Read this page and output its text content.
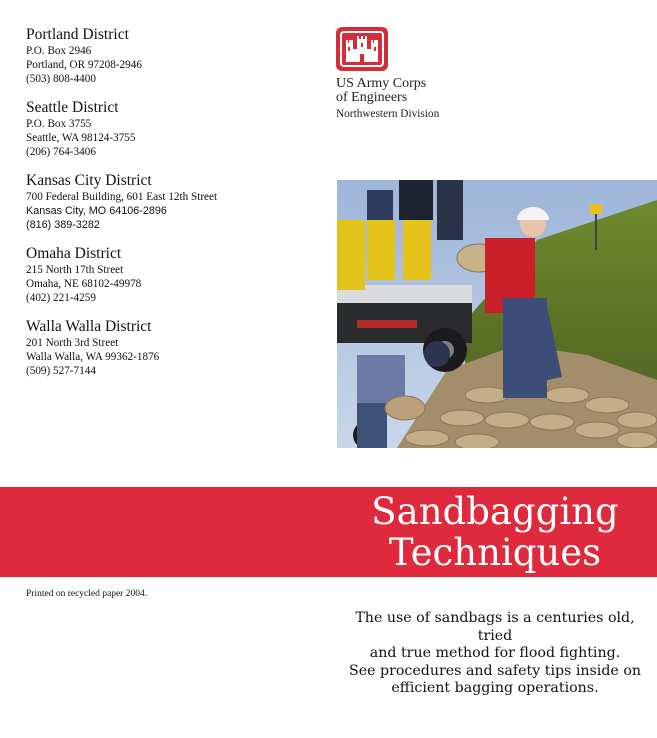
Portland District
P.O. Box 2946
Portland, OR 97208-2946
(503) 808-4400
Seattle District
P.O. Box 3755
Seattle, WA 98124-3755
(206) 764-3406
Kansas City District
700 Federal Building, 601 East 12th Street
Kansas City, MO 64106-2896
(816) 389-3282
Omaha District
215 North 17th Street
Omaha, NE 68102-49978
(402) 221-4259
Walla Walla District
201 North 3rd Street
Walla Walla, WA 99362-1876
(509) 527-7144
US Army Corps
of Engineers
Northwestern Division
Sandbagging
Techniques
Printed on recycled paper 2004.
The use of sandbags is a centuries old, tried
and true method for flood fighting.
See procedures and safety tips inside on
efficient bagging operations.
